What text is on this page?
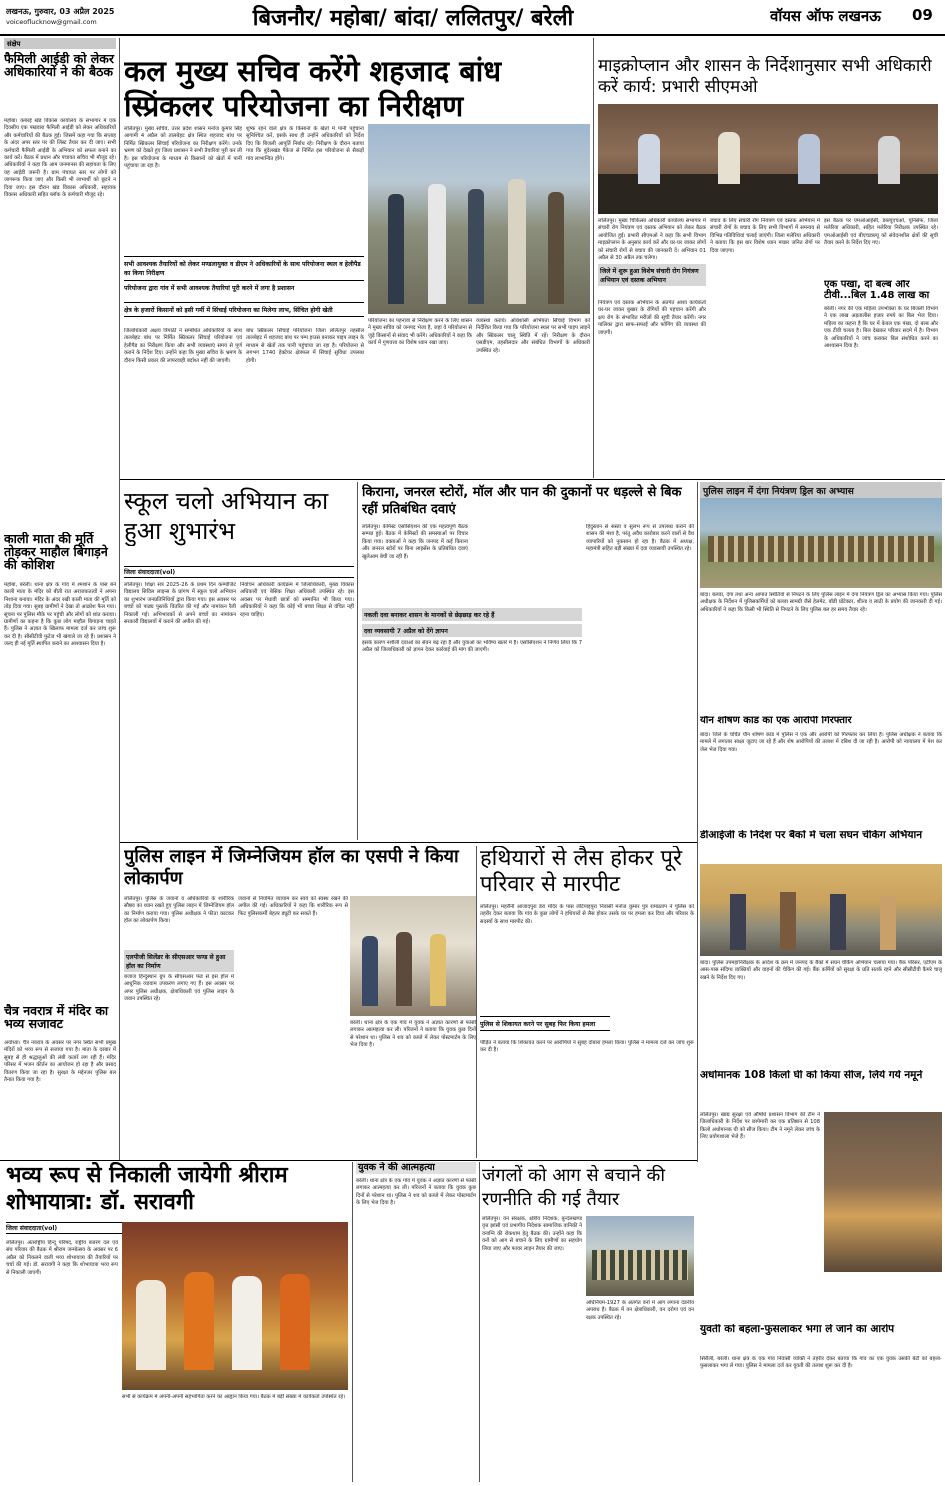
लखनऊ, गुरुवार, 03 अप्रैल 2025
voiceoflucknow@gmail.com	बिजनौर/ महोबा/ बांदा/ ललितपुर/ बरेली	वॉयस ऑफ लखनऊ	09
संक्षेप
फैमिली आईडी को लेकर अधिकारियों ने की बैठक
महोबा। कबरई खंड विकास कार्यालय के सभागार में एक दिवसीय एक पखवारा फैमिली आईडी को लेकर अधिकारियों और कर्मचारियों की बैठक हुई। जिसमें कहा गया कि सप्ताह के अंदर अपर स्तर पर की लिस्ट तैयार कर दी जाए। सभी कर्मचारी फैमिली आईडी के अभियान को सफल बनाने का कार्य करें। बैठक में प्रधान और पंचायत सचिव भी मौजूद रहे। अधिकारियों ने कहा कि आम जनमानस की सहायता के लिए यह आईडी जरूरी है। ग्राम पंचायत स्तर पर लोगों को जागरूक किया जाए और किसी भी लाभार्थी को छूटने न दिया जाए। इस दौरान खंड विकास अधिकारी, सहायक विकास अधिकारी सहित ब्लॉक के कर्मचारी मौजूद रहे।
काली माता की मूर्ति तोड़कर माहौल बिगाड़ने की कोशिश
महोबा, बरेली। थाना क्षेत्र के गांव में श्मशान के पास बने काली माता के मंदिर को बीती रात अराजकतत्वों ने अपना निशाना बनाया। मंदिर के अंदर रखी काली माता की मूर्ति को तोड़ दिया गया। सुबह ग्रामीणों ने देखा तो आक्रोश फैल गया। सूचना पर पुलिस मौके पर पहुंची और लोगों को शांत कराया। ग्रामीणों का कहना है कि कुछ लोग माहौल बिगाड़ना चाहते हैं। पुलिस ने अज्ञात के खिलाफ मामला दर्ज कर जांच शुरू कर दी है। सीसीटीवी फुटेज भी खंगाले जा रहे हैं। प्रशासन ने जल्द ही नई मूर्ति स्थापित कराने का आश्वासन दिया है।
चैत्र नवरात्र में मंदिर का भव्य सजावट
अयोध्या। चैत्र नवरात्र के अवसर पर नगर स्थित सभी प्रमुख मंदिरों को भव्य रूप से सजाया गया है। माता के दरबार में सुबह से ही श्रद्धालुओं की लंबी कतारें लग रही हैं। मंदिर परिसर में भजन कीर्तन का आयोजन हो रहा है और प्रसाद वितरण किया जा रहा है। सुरक्षा के मद्देनजर पुलिस बल तैनात किया गया है।
कल मुख्य सचिव करेंगे शहजाद बांध स्प्रिंकलर परियोजना का निरीक्षण
ललितपुर। मुख्य सचिव, उत्तर प्रदेश शासन मनोज कुमार सिंह आगामी 4 अप्रैल को तालबेहट क्षेत्र स्थित शहजाद बांध पर निर्मित स्प्रिंकलर सिंचाई परियोजना का निरीक्षण करेंगे। उनके भ्रमण को देखते हुए जिला प्रशासन ने सभी तैयारियां पूरी कर ली हैं। इस परियोजना के माध्यम से किसानों को खेतों में पानी पहुंचाया जा रहा है।
शुष्क रहने वाले क्षेत्र के किसानों के खेतों में पानी पहुंचाना सुनिश्चित करें, इसके साथ ही उन्होंने अधिकारियों को निर्देश दिए कि बिजली आपूर्ति निर्बाध रहे। निरीक्षण के दौरान बताया गया कि बुंदेलखंड पैकेज से निर्मित इस परियोजना से सैकड़ों गांव लाभान्वित होंगे।
सभी आवश्यक तैयारियों को लेकर मण्डलायुक्त व डीएम ने अधिकारियों के साथ परियोजना स्थल व हेलीपैड का किया निरीक्षण
परियोजना द्वारा गांव में सभी आवश्यक तैयारियां पूरी करने में लगा है प्रशासन
क्षेत्र के हजारों किसानों को इसी गर्मी में सिंचाई परियोजना का मिलेगा लाभ, सिंचित होगी खेती
जिलाधिकारी अक्षय त्रिपाठी ने सम्बंधित अधिकारियों के साथ तालबेहट बांध पर निर्मित स्प्रिंकलर सिंचाई परियोजना एवं हेलीपैड का निरीक्षण किया और सभी व्यवस्थाएं समय से पूर्ण कराने के निर्देश दिए। उन्होंने कहा कि मुख्य सचिव के भ्रमण के दौरान किसी प्रकार की लापरवाही बर्दाश्त नहीं की जाएगी।
बांध स्प्रिंकलर सिंचाई परियोजना जिला ललितपुर तहसील तालबेहट में शहजाद बांध पर पम्प हाउस बनाकर पाइप लाइन के माध्यम से खेतों तक पानी पहुंचाया जा रहा है। परियोजना से लगभग 1740 हेक्टेयर क्षेत्रफल में सिंचाई सुविधा उपलब्ध होगी।
परियोजना का पहनावा से निरीक्षण करने के लिए शासन ने मुख्य सचिव को जनपद भेजा है, जहां वे परियोजना से जुड़े किसानों से संवाद भी करेंगे। अधिकारियों ने कहा कि कार्य में गुणवत्ता का विशेष ध्यान रखा जाए।
व्यवस्था करायें। अधिशासी अभियंता सिंचाई विभाग को निर्देशित किया गया कि परियोजना स्थल पर सभी पाइप लाइनें और स्प्रिंकलर चालू स्थिति में रहें। निरीक्षण के दौरान एसडीएम, तहसीलदार और संबंधित विभागों के अधिकारी उपस्थित रहे।
माइक्रोप्लान और शासन के निर्देशानुसार सभी अधिकारी करें कार्य: प्रभारी सीएमओ
ललितपुर। मुख्य चिकित्सा अधिकारी कार्यालय सभागार में संचारी रोग नियंत्रण एवं दस्तक अभियान को लेकर बैठक आयोजित हुई। प्रभारी सीएमओ ने कहा कि सभी विभाग माइक्रोप्लान के अनुसार कार्य करें और घर-घर जाकर लोगों को संचारी रोगों से बचाव की जानकारी दें। अभियान 01 अप्रैल से 30 अप्रैल तक चलेगा।
जिले में शुरू हुआ विशेष संचारी रोग नियंत्रण अभियान एवं दस्तक अभियान
नियंत्रण एवं दस्तक अभियान के अंतर्गत आशा कार्यकर्ता घर-घर जाकर बुखार के रोगियों की पहचान करेंगी और क्षय रोग के संभावित मरीजों की सूची तैयार करेंगी। नगर पालिका द्वारा साफ-सफाई और फॉगिंग की व्यवस्था की जाएगी।
बचाव के लिए संचारी रोग नियंत्रण एवं दस्तक अभियान में संचारी रोगों के बचाव के लिए सभी विभागों में समन्वय से विभिन्न गतिविधियां चलाई जाएंगी। जिला मलेरिया अधिकारी ने बताया कि इस बार विशेष ध्यान मच्छर जनित रोगों पर दिया जाएगा।
इस बैठक पर एमओआईसी, डब्ल्यूएचओ, यूनिसेफ, जिला मलेरिया अधिकारी, सहित मलेरिया निरीक्षक उपस्थित रहे। एमओआईसी एवं बीएचडब्ल्यू को संवेदनशील क्षेत्रों की सूची तैयार करने के निर्देश दिए गए।
एक पंखा, दो बल्ब और टीवी...बिल 1.48 लाख का
बरेली। नगर की एक महिला उपभोक्ता के घर बिजली विभाग ने एक लाख अड़तालीस हजार रुपये का बिल भेज दिया। महिला का कहना है कि घर में केवल एक पंखा, दो बल्ब और एक टीवी चलता है। बिल देखकर परिवार सदमे में है। विभाग के अधिकारियों ने जांच कराकर बिल संशोधित करने का आश्वासन दिया है।
स्कूल चलो अभियान का हुआ शुभारंभ
जिला संवाददाता(vol)
ललितपुर। शिक्षा सत्र 2025-26 के प्रथम दिन कम्पोजिट विद्यालय सिविल लाइन्स के प्रांगण में स्कूल चलो अभियान का शुभारंभ जनप्रतिनिधियों द्वारा किया गया। इस अवसर पर बच्चों को पाठ्य पुस्तकें वितरित की गईं और नामांकन रैली निकाली गई। अभिभावकों से अपने बच्चों का नामांकन सरकारी विद्यालयों में कराने की अपील की गई।
निर्वाचन अधिकारी कार्यक्रम में जिलाधिकारी, मुख्य विकास अधिकारी एवं बेसिक शिक्षा अधिकारी उपस्थित रहे। इस अवसर पर मेधावी छात्रों को सम्मानित भी किया गया। अधिकारियों ने कहा कि कोई भी बच्चा शिक्षा से वंचित नहीं रहना चाहिए।
किराना, जनरल स्टोरों, मॉल और पान की दुकानों पर धड़ल्ले से बिक रहीं प्रतिबंधित दवाएं
ललितपुर। केमिस्ट एसोसिएशन की एक महत्वपूर्ण बैठक सम्पन्न हुई। बैठक में केमिस्टों की समस्याओं पर विचार किया गया। वक्ताओं ने कहा कि जनपद में कई किराना और जनरल स्टोरों पर बिना लाइसेंस के प्रतिबंधित दवाएं खुलेआम बेची जा रही हैं।
नकली दवा बनाकर शासन के मानकों से छेड़छाड़ कर रहे हैं
दवा व्यवसायी 7 अप्रैल को देंगे ज्ञापन
इसके कारण नशीली दवाओं का सेवन बढ़ रहा है और युवाओं का भविष्य खतरे में है। एसोसिएशन ने निर्णय लिया कि 7 अप्रैल को जिलाधिकारी को ज्ञापन देकर कार्रवाई की मांग की जाएगी।
हिंदुस्तान से सस्ता व सुलभ रूप से उपलब्ध कराने की शासन की मंशा है, परंतु अवैध कारोबार करने वालों से वैध व्यापारियों को नुकसान हो रहा है। बैठक में अध्यक्ष, महामंत्री सहित बड़ी संख्या में दवा व्यवसायी उपस्थित रहे।
पुलिस लाइन में दंगा नियंत्रण ड्रिल का अभ्यास
बांदा। बलवा, दंगा तथा अन्य आपात स्थितियों से निपटने के लिए पुलिस लाइन में दंगा नियंत्रण ड्रिल का अभ्यास किया गया। पुलिस अधीक्षक के निर्देशन में पुलिसकर्मियों को बलवा सामग्री जैसे हेलमेट, बॉडी प्रोटेक्टर, शील्ड व लाठी के प्रयोग की जानकारी दी गई। अधिकारियों ने कहा कि किसी भी स्थिति से निपटने के लिए पुलिस बल हर समय तैयार रहे।
यौन शोषण कांड का एक आरोपी गिरफ्तार
बांदा। जिले के चर्चित यौन शोषण कांड में पुलिस ने एक और आरोपी को गिरफ्तार कर लिया है। पुलिस अधीक्षक ने बताया कि मामले में लगातार साक्ष्य जुटाए जा रहे हैं और शेष आरोपियों की तलाश में दबिश दी जा रही है। आरोपी को न्यायालय में पेश कर जेल भेज दिया गया।
डीआईजी के निर्देश पर बैंकों में चला सघन चेकिंग अभियान
बांदा। पुलिस उपमहानिरीक्षक के आदेश के क्रम में जनपद के बैंकों में सघन चेकिंग अभियान चलाया गया। बैंक परिसर, एटीएम के आस-पास संदिग्ध व्यक्तियों और वाहनों की चेकिंग की गई। बैंक कर्मियों को सुरक्षा के प्रति सतर्क रहने और सीसीटीवी कैमरे चालू रखने के निर्देश दिए गए।
अधोमानक 108 किलो घी को किया सीज, लिये गये नमूने
ललितपुर। खाद्य सुरक्षा एवं औषधि प्रशासन विभाग की टीम ने जिलाधिकारी के निर्देश पर छापेमारी कर एक प्रतिष्ठान से 108 किलो अधोमानक घी को सीज किया। टीम ने नमूने लेकर जांच के लिए प्रयोगशाला भेजे हैं।
युवती को बहला-फुसलाकर भगा ले जाने का आरोप
सिरौली, बरेली। थाना क्षेत्र के एक गांव निवासी व्यक्ति ने तहरीर देकर बताया कि गांव का एक युवक उसकी बेटी को बहला-फुसलाकर भगा ले गया। पुलिस ने मामला दर्ज कर युवती की तलाश शुरू कर दी है।
पुलिस लाइन में जिम्नेजियम हॉल का एसपी ने किया लोकार्पण
ललितपुर। पुलिस के जवानों व अधिकारियों के शारीरिक सौष्ठव का ध्यान रखते हुए पुलिस लाइन में जिम्नेजियम हॉल का निर्माण कराया गया। पुलिस अधीक्षक ने फीता काटकर हॉल का लोकार्पण किया।
एलपीजी सिलेंडर के सीएसआर फण्ड से हुआ हॉल का निर्माण
बजाज हिन्दुस्थान ग्रुप के सीएसआर फंड से इस हॉल में आधुनिक व्यायाम उपकरण लगाए गए हैं। इस अवसर पर अपर पुलिस अधीक्षक, क्षेत्राधिकारी एवं पुलिस लाइन के जवान उपस्थित रहे।
जवानों से नियमित व्यायाम कर स्वयं को स्वस्थ रखने की अपील की गई। अधिकारियों ने कहा कि शारीरिक रूप से फिट पुलिसकर्मी बेहतर ड्यूटी कर सकते हैं।
बरेली। थाना क्षेत्र के एक गांव में युवक ने अज्ञात कारणों से फांसी लगाकर आत्महत्या कर ली। परिजनों ने बताया कि युवक कुछ दिनों से परेशान था। पुलिस ने शव को कब्जे में लेकर पोस्टमार्टम के लिए भेज दिया है।
हथियारों से लैस होकर पूरे परिवार से मारपीट
ललितपुर। महरौनी आजादपुरा डेरा मंदिर के पास लेटिपाइपुरा निवासी मनोज कुमार पुत्र रामप्रताप ने पुलिस को तहरीर देकर बताया कि गांव के कुछ लोगों ने हथियारों से लैस होकर उसके घर पर हमला कर दिया और परिवार के सदस्यों के साथ मारपीट की।
पुलिस से शिकायत करने पर सुबह फिर किया हमला
पीड़ित ने बताया कि शिकायत करने पर आरोपियों ने सुबह दोबारा हमला किया। पुलिस ने मामला दर्ज कर जांच शुरू कर दी है।
भव्य रूप से निकाली जायेगी श्रीराम शोभायात्रा: डॉ. सरावगी
जिला संवाददाता(vol)
ललितपुर। अंतर्राष्ट्रीय हिन्दू परिषद, राष्ट्रीय बजरंग दल एवं संघ परिवार की बैठक में श्रीराम जन्मोत्सव के अवसर पर 6 अप्रैल को निकलने वाली भव्य शोभायात्रा की तैयारियों पर चर्चा की गई। डॉ. सरावगी ने कहा कि शोभायात्रा भव्य रूप से निकाली जाएगी।
सभी से कार्यक्रम में अपनी-अपनी सहभागिता करने का आह्वान किया गया। बैठक में बड़ी संख्या में कार्यकर्ता उपस्थित रहे।
युवक ने की आत्महत्या
बरेली। थाना क्षेत्र के एक गांव में युवक ने अज्ञात कारणों से फांसी लगाकर आत्महत्या कर ली। परिजनों ने बताया कि युवक कुछ दिनों से परेशान था। पुलिस ने शव को कब्जे में लेकर पोस्टमार्टम के लिए भेज दिया है।
जंगलों को आग से बचाने की रणनीति की गई तैयार
ललितपुर। वन संरक्षक, क्षेत्रीय निदेशक, बुन्देलखण्ड वृत्त झांसी एवं प्रभागीय निदेशक सामाजिक वानिकी ने वनाग्नि की रोकथाम हेतु बैठक की। उन्होंने कहा कि वनों को आग से बचाने के लिए ग्रामीणों का सहयोग लिया जाए और फायर लाइन तैयार की जाए।
अधिनियम-1927 के अंतर्गत वनों में आग लगाना दंडनीय अपराध है। बैठक में वन क्षेत्राधिकारी, वन दरोगा एवं वन रक्षक उपस्थित रहे।
